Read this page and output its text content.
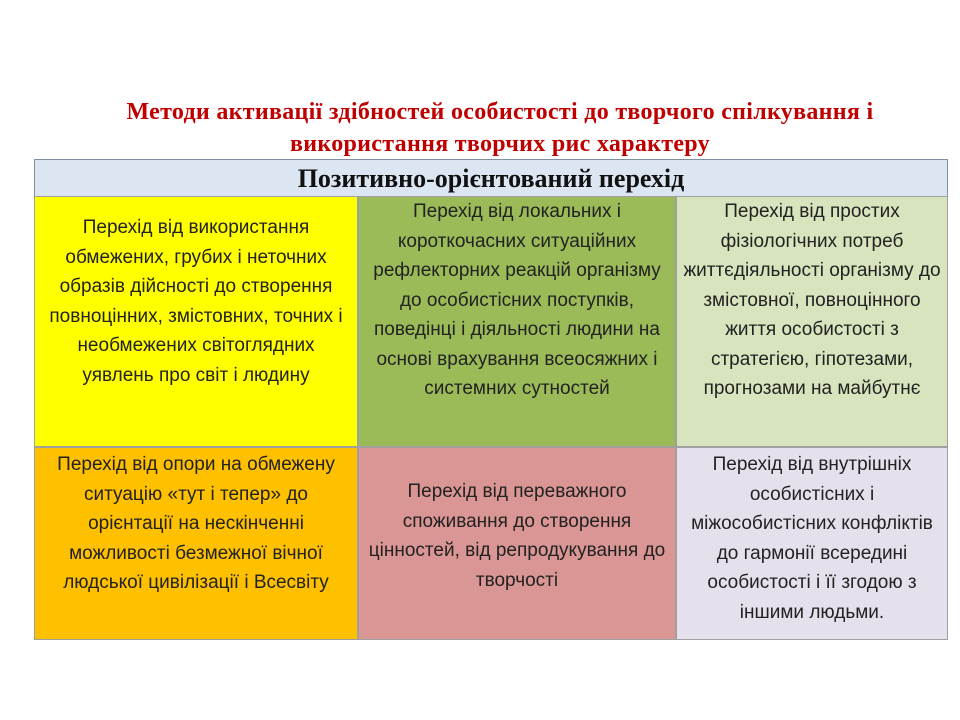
Методи активації здібностей особистості до творчого спілкування і
використання творчих рис характеру
Позитивно-орієнтований перехід
Перехід від використання обмежених, грубих і неточних образів дійсності до створення повноцінних, змістовних, точних і необмежених світоглядних уявлень про світ і людину
Перехід від локальних і короткочасних ситуаційних рефлекторних реакцій організму до особистісних поступків, поведінці і діяльності людини на основі врахування всеосяжних і системних сутностей
Перехід від простих фізіологічних потреб життєдіяльності організму до змістовної, повноцінного життя особистості з стратегією, гіпотезами, прогнозами на майбутнє
Перехід від опори на обмежену ситуацію «тут і тепер» до орієнтації на нескінченні можливості безмежної вічної людської цивілізації і Всесвіту
Перехід від переважного споживання до створення цінностей, від репродукування до творчості
Перехід від внутрішніх особистісних і міжособистісних конфліктів до гармонії всередині особистості і її згодою з іншими людьми.
